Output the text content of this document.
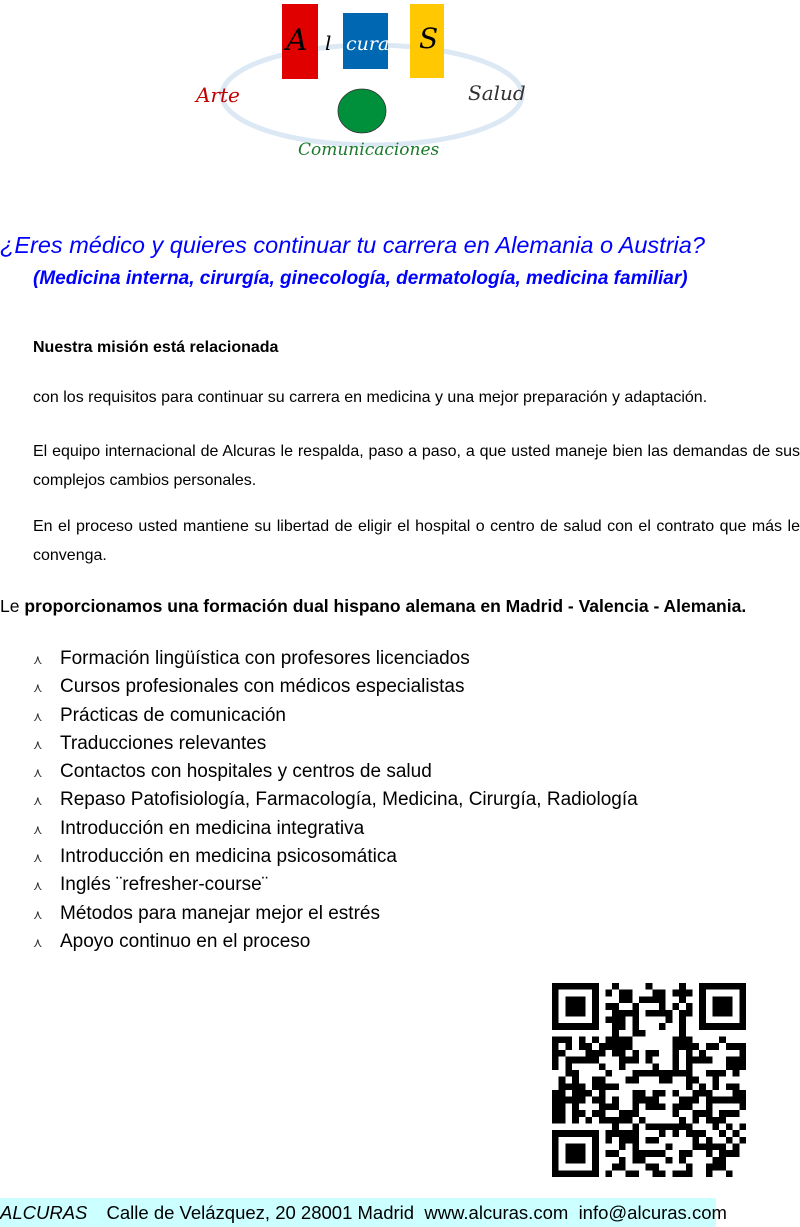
A l cura S
Arte	Salud
Comunicaciones
¿Eres médico y quieres continuar tu carrera en Alemania o Austria?
(Medicina interna, cirurgía, ginecología, dermatología, medicina familiar)
Nuestra misión está relacionada
con los requisitos para continuar su carrera en medicina y una mejor preparación y adaptación.
El equipo internacional de Alcuras le respalda, paso a paso, a que usted maneje bien las demandas de sus complejos cambios personales.
En el proceso usted mantiene su libertad de eligir el hospital o centro de salud con el contrato que más le convenga.
Le proporcionamos una formación dual hispano alemana en Madrid - Valencia - Alemania.
⋏ Formación lingüística con profesores licenciados
⋏ Cursos profesionales con médicos especialistas
⋏ Prácticas de comunicación
⋏ Traducciones relevantes
⋏ Contactos con hospitales y centros de salud
⋏ Repaso Patofisiología, Farmacología, Medicina, Cirurgía, Radiología
⋏ Introducción en medicina integrativa
⋏ Introducción en medicina psicosomática
⋏ Inglés ¨refresher-course¨
⋏ Métodos para manejar mejor el estrés
⋏ Apoyo continuo en el proceso
ALCURAS Calle de Velázquez, 20 28001 Madrid www.alcuras.com info@alcuras.com
